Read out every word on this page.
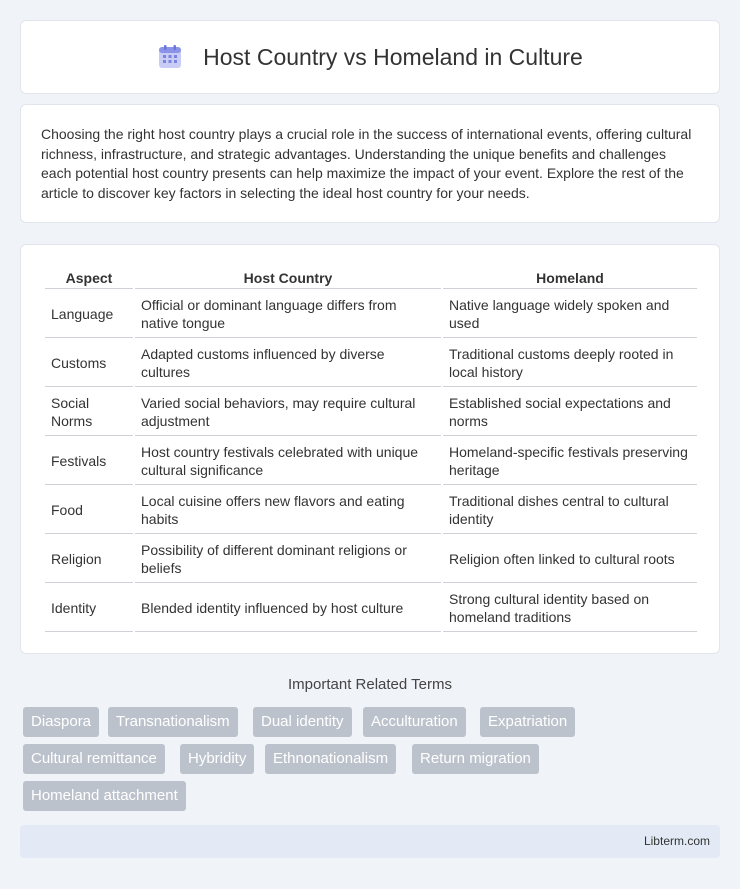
Host Country vs Homeland in Culture

Choosing the right host country plays a crucial role in the success of international events, offering cultural richness, infrastructure, and strategic advantages. Understanding the unique benefits and challenges each potential host country presents can help maximize the impact of your event. Explore the rest of the article to discover key factors in selecting the ideal host country for your needs.

Aspect	Host Country	Homeland
Language	Official or dominant language differs from native tongue	Native language widely spoken and used
Customs	Adapted customs influenced by diverse cultures	Traditional customs deeply rooted in local history
Social Norms	Varied social behaviors, may require cultural adjustment	Established social expectations and norms
Festivals	Host country festivals celebrated with unique cultural significance	Homeland-specific festivals preserving heritage
Food	Local cuisine offers new flavors and eating habits	Traditional dishes central to cultural identity
Religion	Possibility of different dominant religions or beliefs	Religion often linked to cultural roots
Identity	Blended identity influenced by host culture	Strong cultural identity based on homeland traditions
Important Related Terms
Diaspora	Transnationalism	Dual identity	Acculturation	Expatriation
Cultural remittance	Hybridity	Ethnonationalism	Return migration
Homeland attachment
Libterm.com
